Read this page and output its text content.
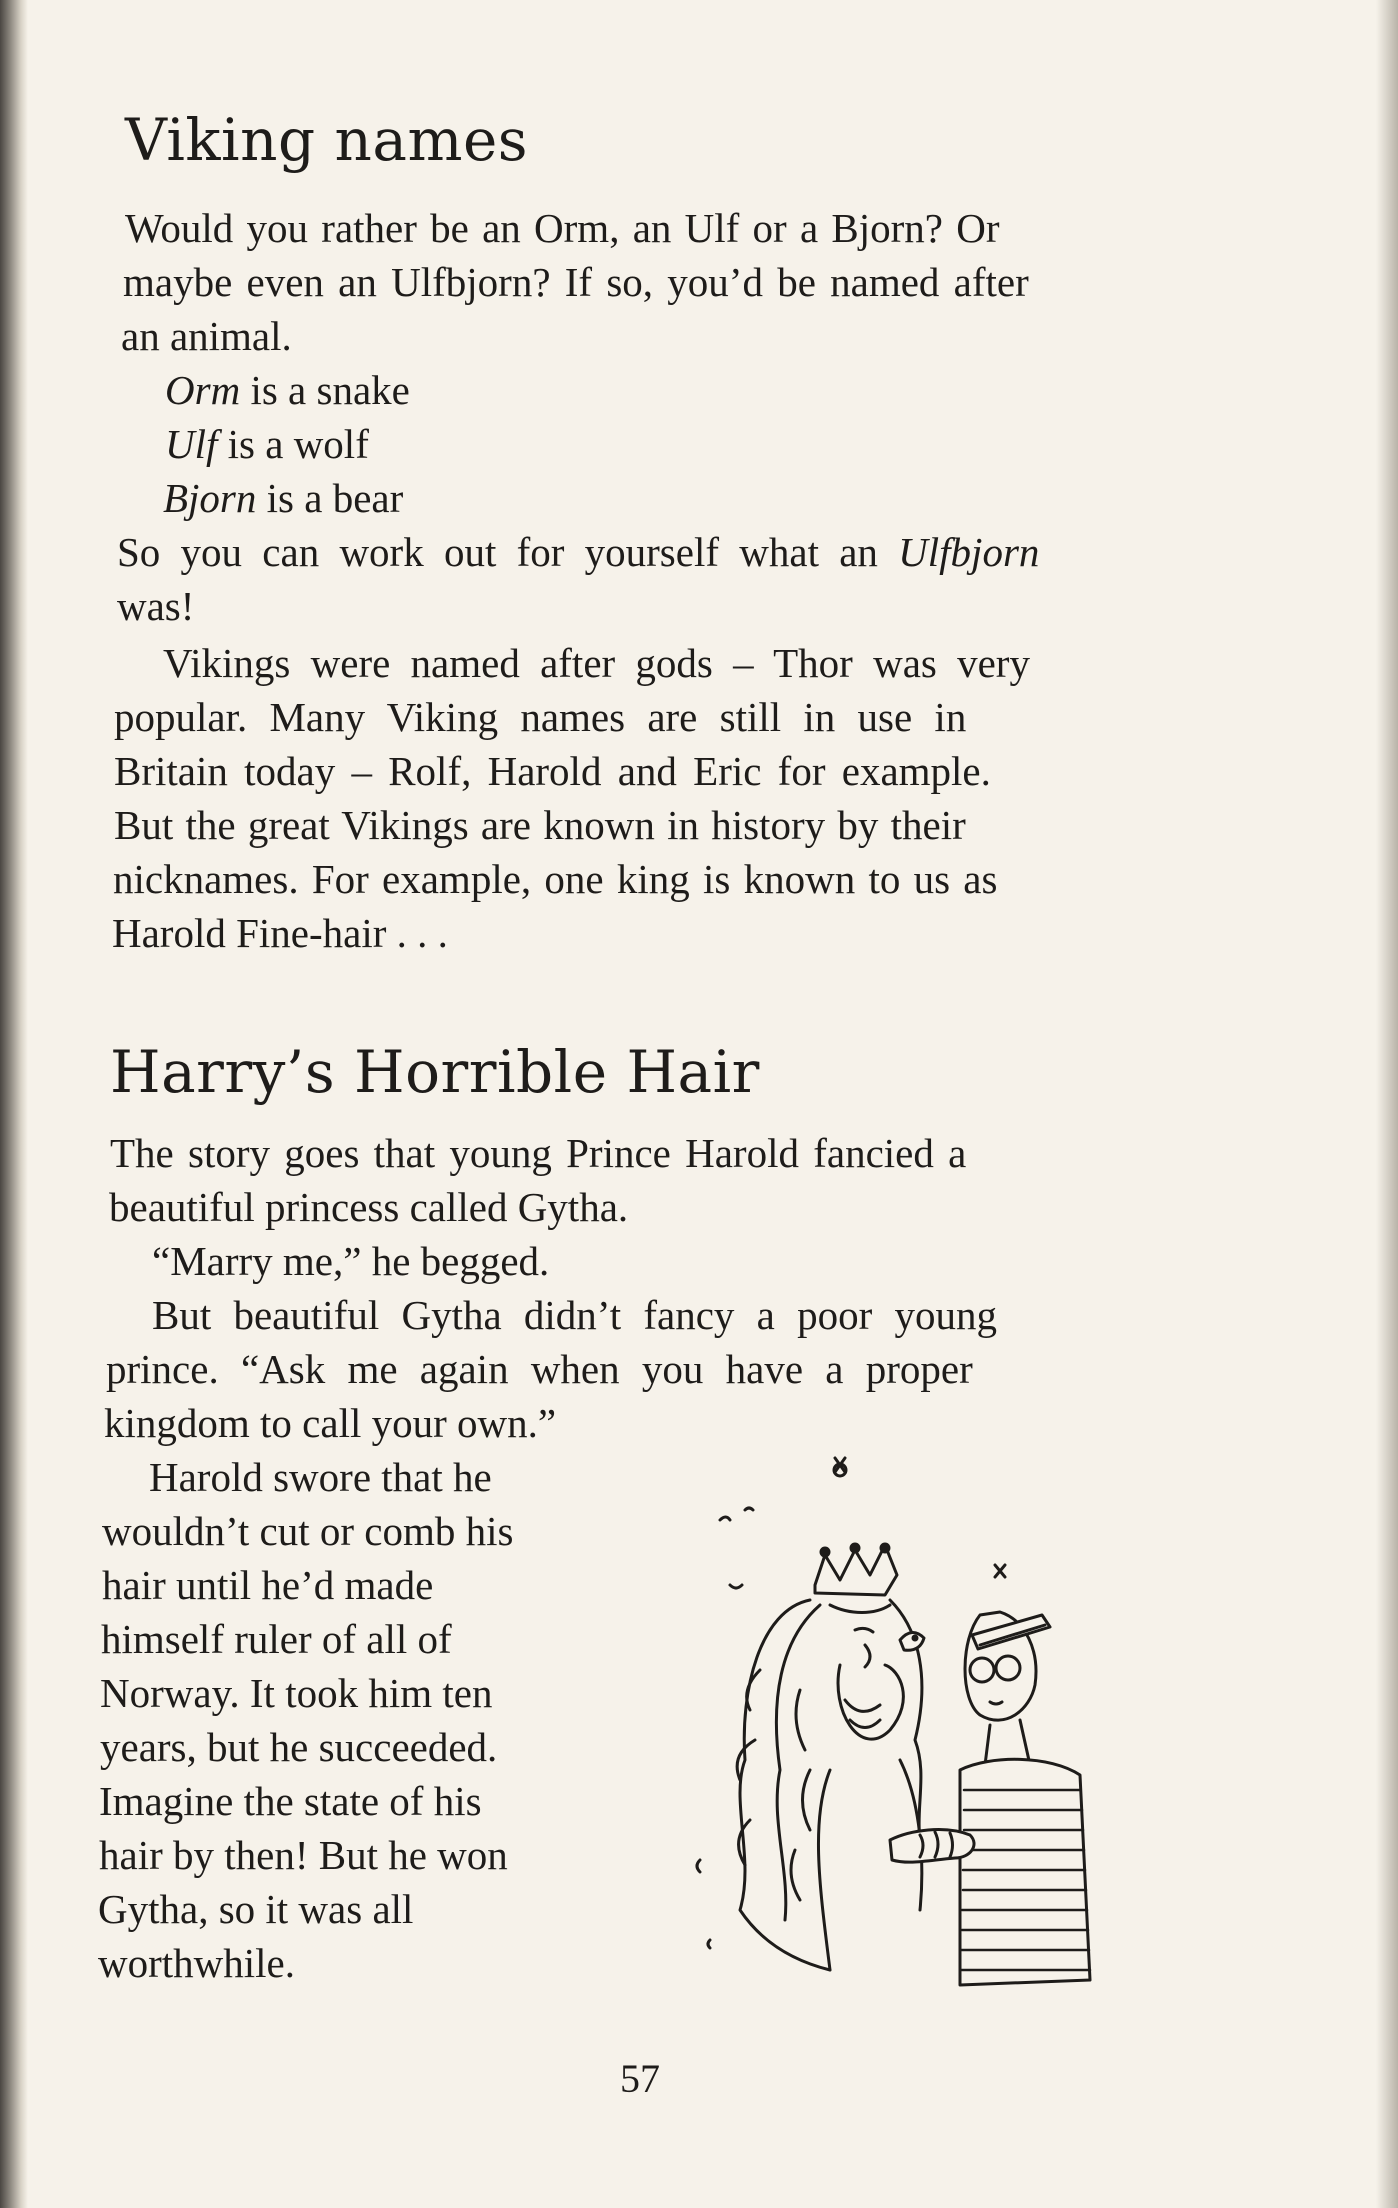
Viking names
Would you rather be an Orm, an Ulf or a Bjorn? Or
maybe even an Ulfbjorn? If so, you’d be named after
an animal.
Orm is a snake
Ulf is a wolf
Bjorn is a bear
So you can work out for yourself what an Ulfbjorn
was!
Vikings were named after gods – Thor was very
popular. Many Viking names are still in use in
Britain today – Rolf, Harold and Eric for example.
But the great Vikings are known in history by their
nicknames. For example, one king is known to us as
Harold Fine-hair . . .
Harry’s Horrible Hair
The story goes that young Prince Harold fancied a
beautiful princess called Gytha.
“Marry me,” he begged.
But beautiful Gytha didn’t fancy a poor young
prince. “Ask me again when you have a proper
kingdom to call your own.”
Harold swore that he
wouldn’t cut or comb his
hair until he’d made
himself ruler of all of
Norway. It took him ten
years, but he succeeded.
Imagine the state of his
hair by then! But he won
Gytha, so it was all
worthwhile.
57
